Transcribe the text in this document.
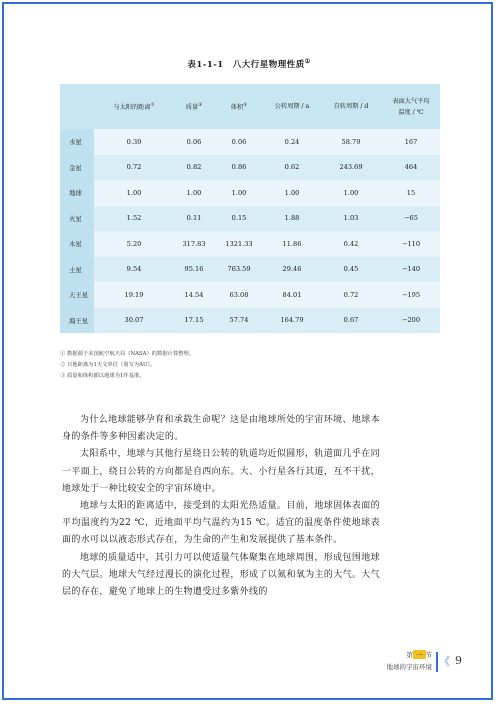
表1-1-1　八大行星物理性质①
	与太阳的距离②	质量③	体积③	公转周期 / a	自转周期 / d	表面大气平均
温度 / ℃
水星	0.39	0.06	0.06	0.24	58.79	167
金星	0.72	0.82	0.86	0.62	243.69	464
地球	1.00	1.00	1.00	1.00	1.00	15
火星	1.52	0.11	0.15	1.88	1.03	−65
木星	5.20	317.83	1321.33	11.86	0.42	−110
土星	9.54	95.16	763.59	29.46	0.45	−140
天王星	19.19	14.54	63.08	84.01	0.72	−195
海王星	30.07	17.15	57.74	164.79	0.67	−200
① 数据源于美国航空航天局（NASA）的数据计算整理。
② 日地距离为1天文单位（简写为AU）。
③ 质量和体积都以地球为1作基准。

为什么地球能够孕育和承载生命呢？这是由地球所处的宇宙环境、地球本身的条件等多种因素决定的。

太阳系中，地球与其他行星绕日公转的轨道均近似圆形，轨道面几乎在同一平面上，绕日公转的方向都是自西向东。大、小行星各行其道，互不干扰，地球处于一种比较安全的宇宙环境中。

地球与太阳的距离适中，接受到的太阳光热适量。目前，地球固体表面的平均温度约为22 ℃，近地面平均气温约为15 ℃。适宜的温度条件使地球表面的水可以以液态形式存在，为生命的产生和发展提供了基本条件。

地球的质量适中，其引力可以使适量气体聚集在地球周围，形成包围地球的大气层。地球大气经过漫长的演化过程，形成了以氮和氧为主的大气。大气层的存在，避免了地球上的生物遭受过多紫外线的

第 一 节
地球的宇宙环境 《 9
